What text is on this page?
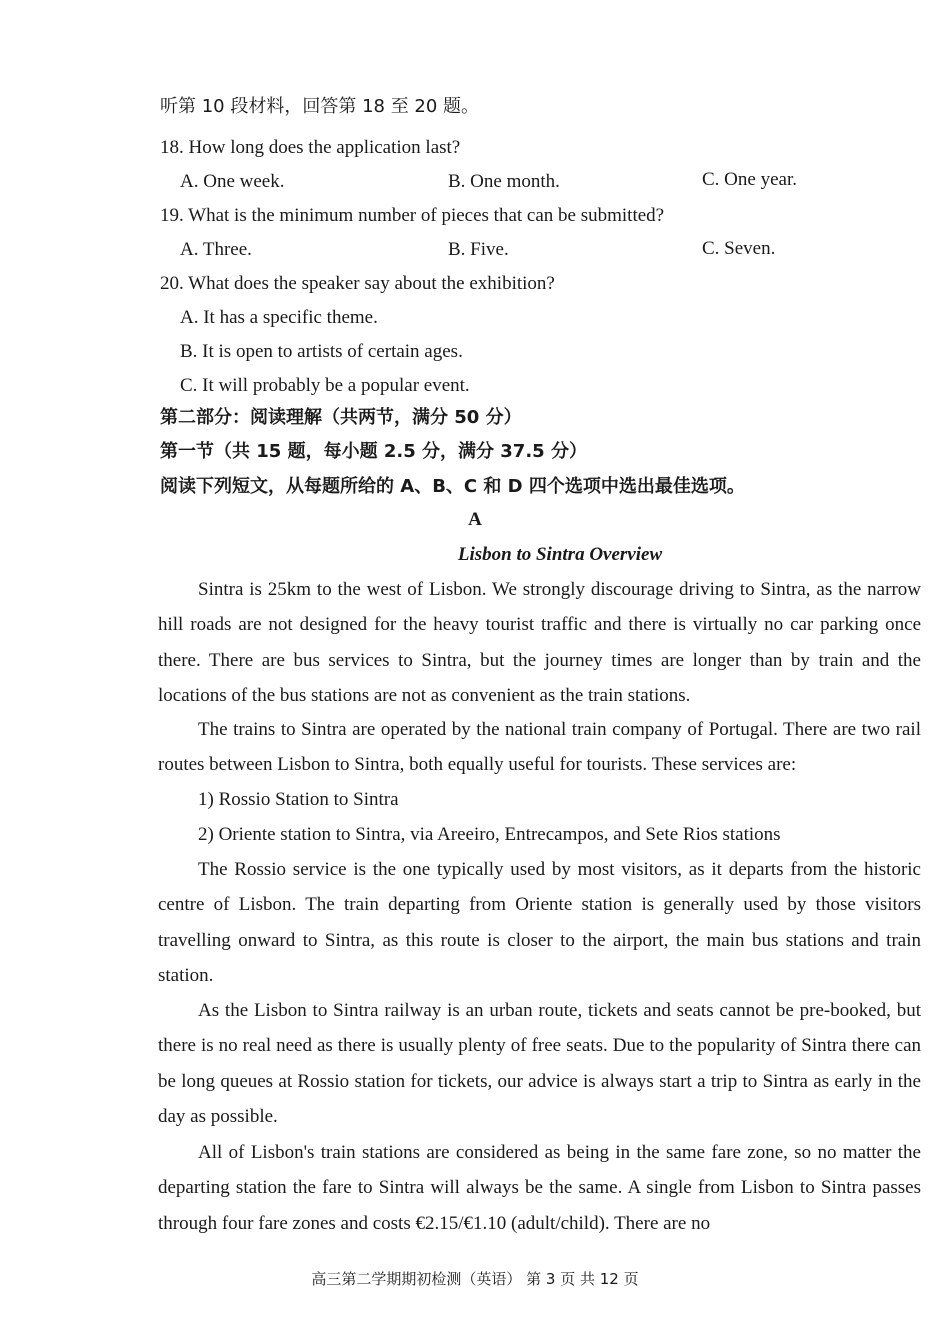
听第 10 段材料，回答第 18 至 20 题。
18. How long does the application last?
A. One week.	B. One month.	C. One year.
19. What is the minimum number of pieces that can be submitted?
A. Three.	B. Five.	C. Seven.
20. What does the speaker say about the exhibition?
A. It has a specific theme.
B. It is open to artists of certain ages.
C. It will probably be a popular event.
第二部分：阅读理解（共两节，满分 50 分）
第一节（共 15 题，每小题 2.5 分，满分 37.5 分）
阅读下列短文，从每题所给的 A、B、C 和 D 四个选项中选出最佳选项。
A
Lisbon to Sintra Overview
Sintra is 25km to the west of Lisbon. We strongly discourage driving to Sintra, as the narrow hill roads are not designed for the heavy tourist traffic and there is virtually no car parking once there. There are bus services to Sintra, but the journey times are longer than by train and the locations of the bus stations are not as convenient as the train stations.
The trains to Sintra are operated by the national train company of Portugal. There are two rail routes between Lisbon to Sintra, both equally useful for tourists. These services are:
1) Rossio Station to Sintra
2) Oriente station to Sintra, via Areeiro, Entrecampos, and Sete Rios stations
The Rossio service is the one typically used by most visitors, as it departs from the historic centre of Lisbon. The train departing from Oriente station is generally used by those visitors travelling onward to Sintra, as this route is closer to the airport, the main bus stations and train station.
As the Lisbon to Sintra railway is an urban route, tickets and seats cannot be pre-booked, but there is no real need as there is usually plenty of free seats. Due to the popularity of Sintra there can be long queues at Rossio station for tickets, our advice is always start a trip to Sintra as early in the day as possible.
All of Lisbon's train stations are considered as being in the same fare zone, so no matter the departing station the fare to Sintra will always be the same. A single from Lisbon to Sintra passes through four fare zones and costs €2.15/€1.10 (adult/child). There are no
高三第二学期期初检测（英语） 第 3 页 共 12 页
